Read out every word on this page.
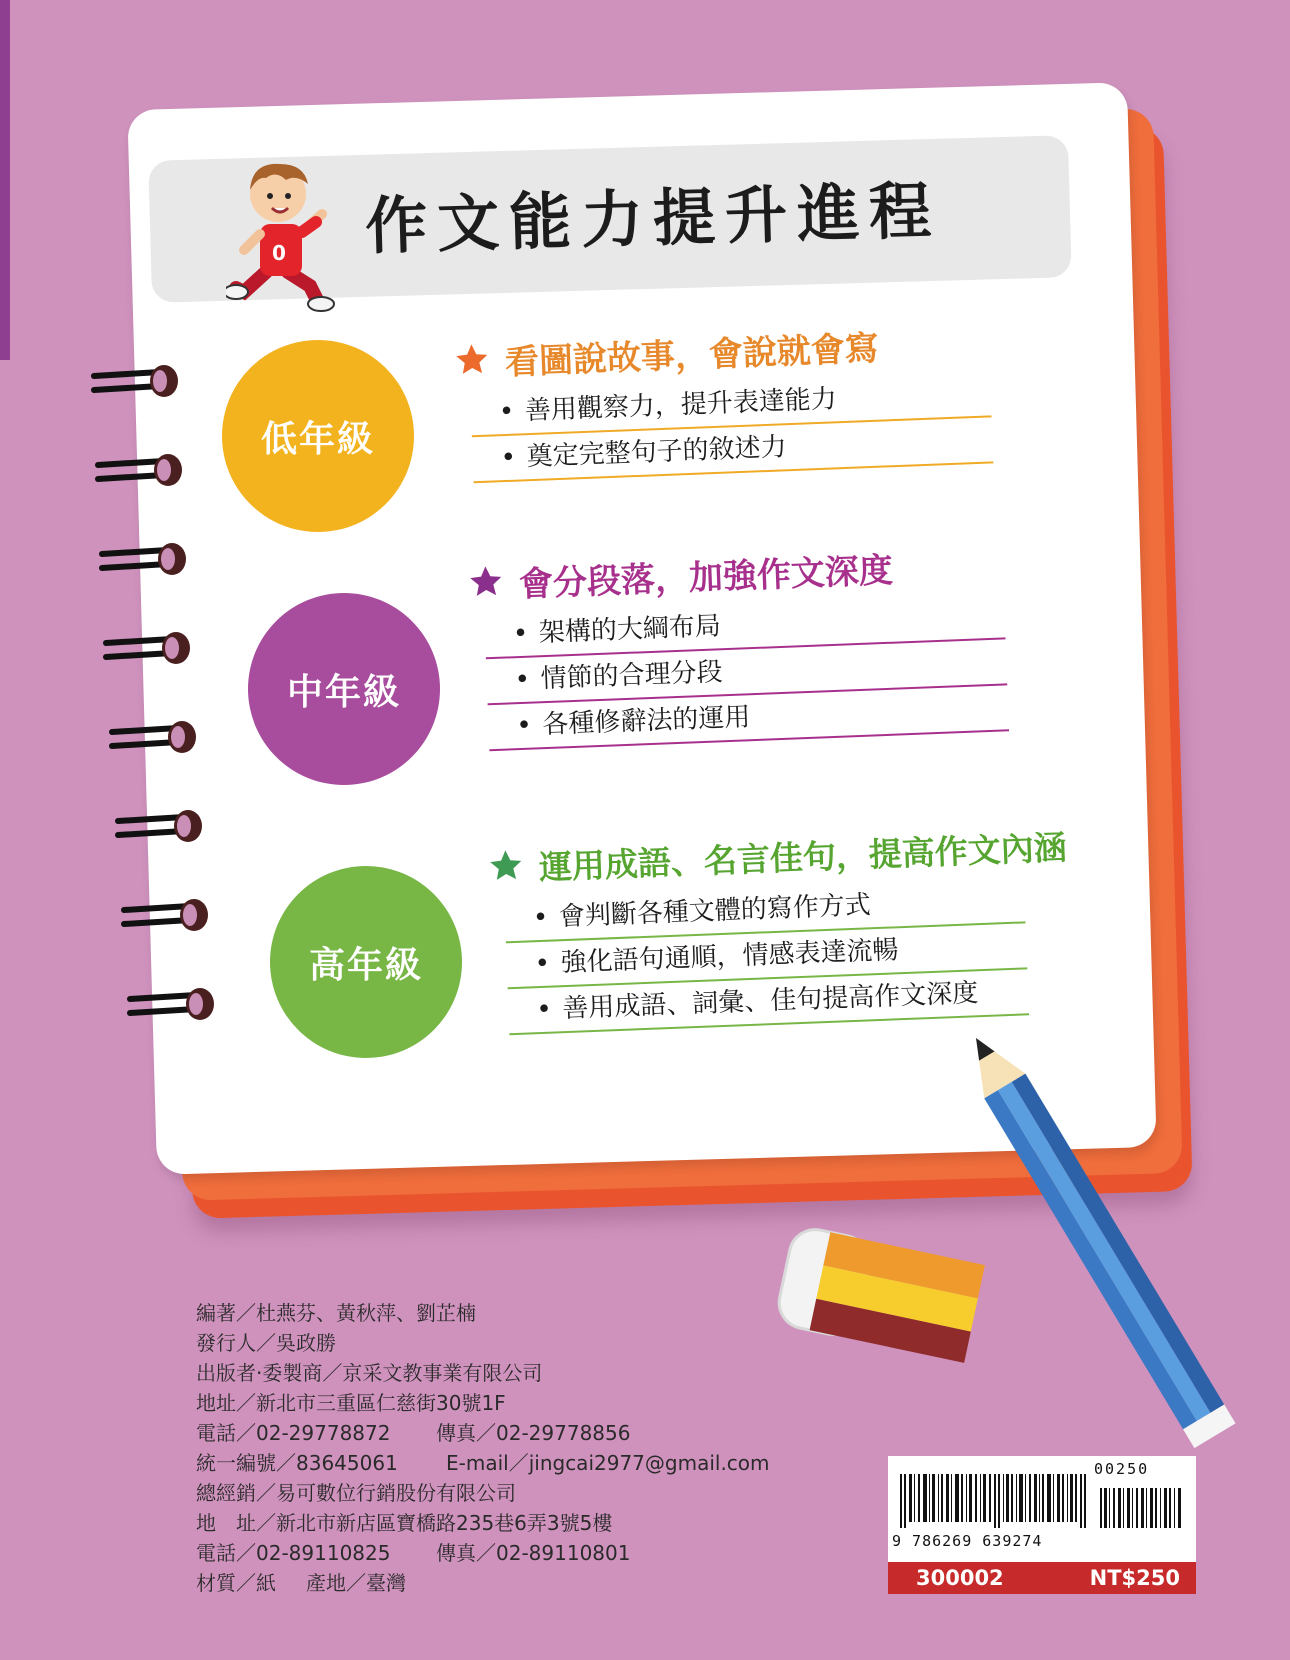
作文能力提升進程
0
低年級
中年級
高年級
看圖說故事，會說就會寫
• 善用觀察力，提升表達能力
• 奠定完整句子的敘述力
會分段落，加強作文深度
• 架構的大綱布局
• 情節的合理分段
• 各種修辭法的運用
運用成語、名言佳句，提高作文內涵
• 會判斷各種文體的寫作方式
• 強化語句通順，情感表達流暢
• 善用成語、詞彙、佳句提高作文深度
編著／杜燕芬、黃秋萍、劉芷楠
發行人／吳政勝
出版者‧委製商／京采文教事業有限公司
地址／新北市三重區仁慈街30號1F
電話／02-29778872 傳真／02-29778856
統一編號／83645061 E-mail／jingcai2977@gmail.com
總經銷／易可數位行銷股份有限公司
地　址／新北市新店區寶橋路235巷6弄3號5樓
電話／02-89110825 傳真／02-89110801
材質／紙 產地／臺灣
00250
9 786269 639274
300002	NT$250
